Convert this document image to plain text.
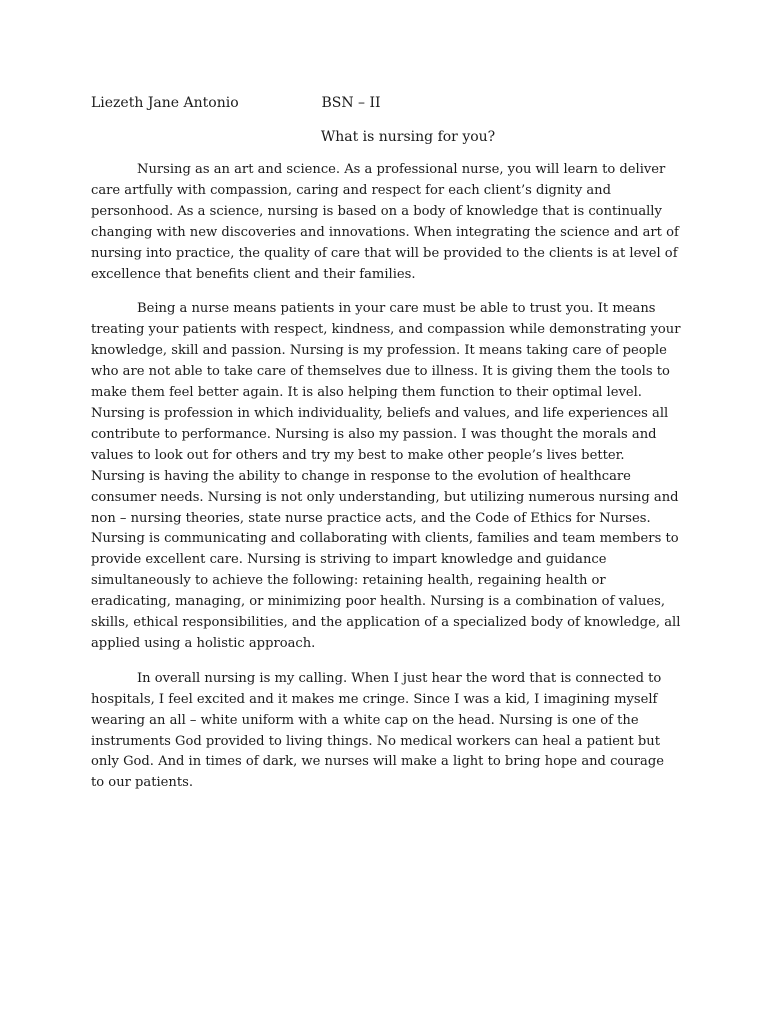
Liezeth Jane Antonio	BSN – II
What is nursing for you?

Nursing as an art and science. As a professional nurse, you will learn to deliver care artfully with compassion, caring and respect for each client’s dignity and personhood. As a science, nursing is based on a body of knowledge that is continually changing with new discoveries and innovations. When integrating the science and art of nursing into practice, the quality of care that will be provided to the clients is at level of excellence that benefits client and their families.

Being a nurse means patients in your care must be able to trust you. It means treating your patients with respect, kindness, and compassion while demonstrating your knowledge, skill and passion. Nursing is my profession. It means taking care of people who are not able to take care of themselves due to illness. It is giving them the tools to make them feel better again. It is also helping them function to their optimal level. Nursing is profession in which individuality, beliefs and values, and life experiences all contribute to performance. Nursing is also my passion. I was thought the morals and values to look out for others and try my best to make other people’s lives better. Nursing is having the ability to change in response to the evolution of healthcare consumer needs. Nursing is not only understanding, but utilizing numerous nursing and non – nursing theories, state nurse practice acts, and the Code of Ethics for Nurses. Nursing is communicating and collaborating with clients, families and team members to provide excellent care. Nursing is striving to impart knowledge and guidance simultaneously to achieve the following: retaining health, regaining health or eradicating, managing, or minimizing poor health. Nursing is a combination of values, skills, ethical responsibilities, and the application of a specialized body of knowledge, all applied using a holistic approach.

In overall nursing is my calling. When I just hear the word that is connected to hospitals, I feel excited and it makes me cringe. Since I was a kid, I imagining myself wearing an all – white uniform with a white cap on the head. Nursing is one of the instruments God provided to living things. No medical workers can heal a patient but only God. And in times of dark, we nurses will make a light to bring hope and courage to our patients.
